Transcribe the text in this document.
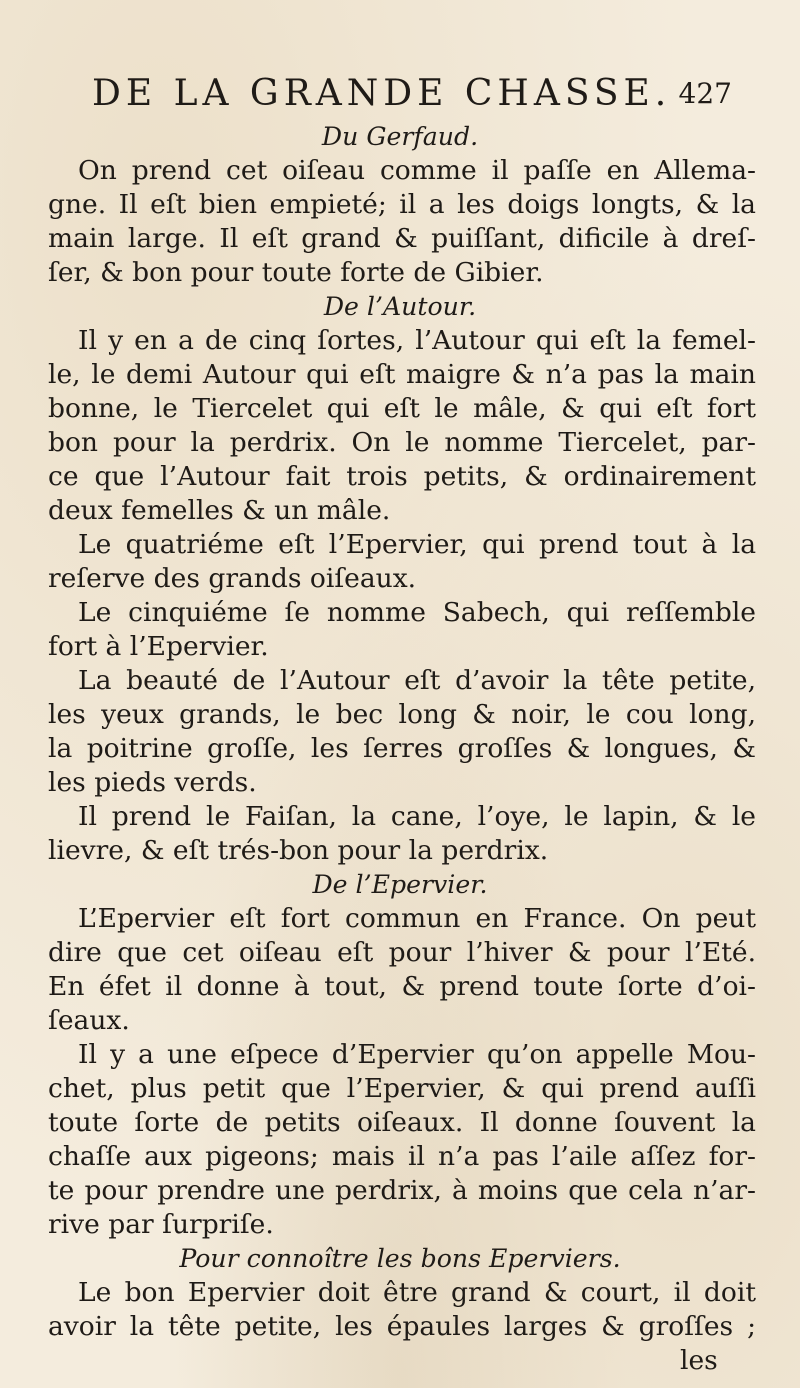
DE LA GRANDE CHASSE. 427
Du Gerfaud.
On prend cet oiſeau comme il paſſe en Allema-
gne. Il eſt bien empieté; il a les doigs longts, & la
main large. Il eſt grand & puiſſant, dificile à dreſ-
ſer, & bon pour toute forte de Gibier.
De l’Autour.
Il y en a de cinq ſortes, l’Autour qui eſt la femel-
le, le demi Autour qui eſt maigre & n’a pas la main
bonne, le Tiercelet qui eſt le mâle, & qui eſt fort
bon pour la perdrix. On le nomme Tiercelet, par-
ce que l’Autour fait trois petits, & ordinairement
deux femelles & un mâle.
Le quatriéme eſt l’Epervier, qui prend tout à la
reſerve des grands oiſeaux.
Le cinquiéme ſe nomme Sabech, qui reſſemble
fort à l’Epervier.
La beauté de l’Autour eſt d’avoir la tête petite,
les yeux grands, le bec long & noir, le cou long,
la poitrine groſſe, les ſerres groſſes & longues, &
les pieds verds.
Il prend le Faiſan, la cane, l’oye, le lapin, & le
lievre, & eſt trés-bon pour la perdrix.
De l’Epervier.
L’Epervier eſt fort commun en France. On peut
dire que cet oiſeau eſt pour l’hiver & pour l’Eté.
En éfet il donne à tout, & prend toute ſorte d’oi-
ſeaux.
Il y a une eſpece d’Epervier qu’on appelle Mou-
chet, plus petit que l’Epervier, & qui prend auſſi
toute ſorte de petits oiſeaux. Il donne ſouvent la
chaſſe aux pigeons; mais il n’a pas l’aile aſſez for-
te pour prendre une perdrix, à moins que cela n’ar-
rive par ſurpriſe.
Pour connoître les bons Eperviers.
Le bon Epervier doit être grand & court, il doit
avoir la tête petite, les épaules larges & groſſes ;
les
